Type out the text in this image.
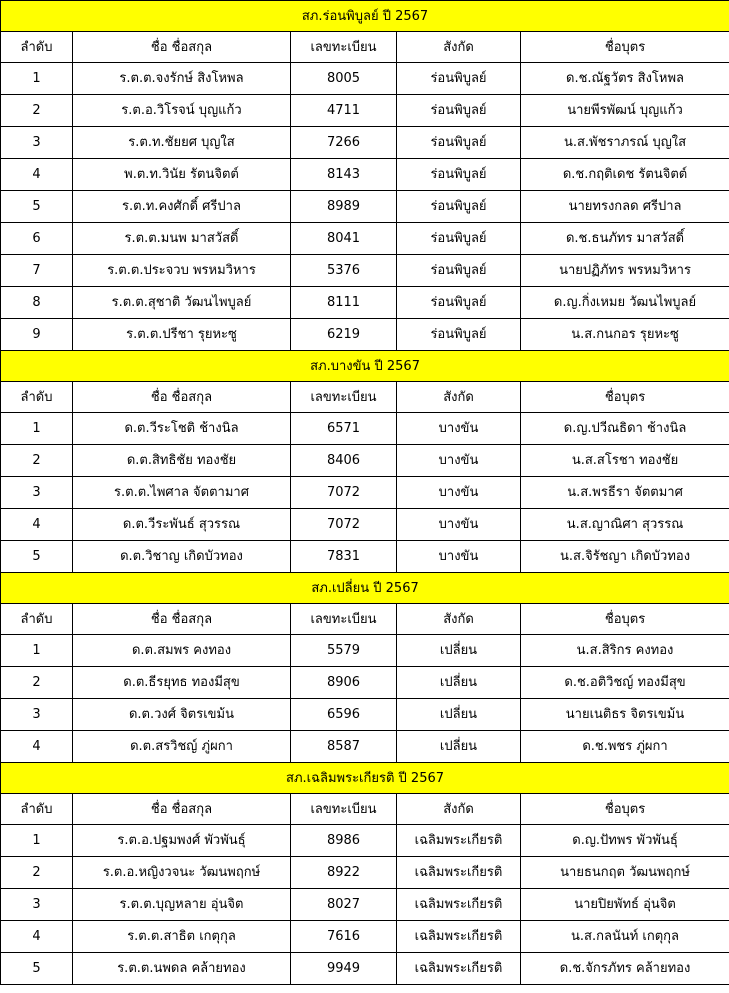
สภ.ร่อนพิบูลย์ ปี 2567				
ลำดับ	ชื่อ ชื่อสกุล	เลขทะเบียน	สังกัด	ชื่อบุตร
1	ร.ต.ต.จงรักษ์ สิงโหพล	8005	ร่อนพิบูลย์	ด.ช.ณัฐวัตร สิงโหพล
2	ร.ต.อ.วิโรจน์ บุญแก้ว	4711	ร่อนพิบูลย์	นายพีรพัฒน์ บุญแก้ว
3	ร.ต.ท.ชัยยศ บุญใส	7266	ร่อนพิบูลย์	น.ส.พัชราภรณ์ บุญใส
4	พ.ต.ท.วินัย รัตนจิตต์	8143	ร่อนพิบูลย์	ด.ช.กฤติเดช รัตนจิตต์
5	ร.ต.ท.คงศักดิ์ ศรีปาล	8989	ร่อนพิบูลย์	นายทรงกลด ศรีปาล
6	ร.ต.ต.มนพ มาสวัสดิ์	8041	ร่อนพิบูลย์	ด.ช.ธนภัทร มาสวัสดิ์
7	ร.ต.ต.ประจวบ พรหมวิหาร	5376	ร่อนพิบูลย์	นายปฏิภัทร พรหมวิหาร
8	ร.ต.ต.สุชาติ วัฒนไพบูลย์	8111	ร่อนพิบูลย์	ด.ญ.กิ่งเหมย วัฒนไพบูลย์
9	ร.ต.ต.ปรีชา รุยหะซู	6219	ร่อนพิบูลย์	น.ส.กนกอร รุยหะซู
สภ.บางขัน ปี 2567				
ลำดับ	ชื่อ ชื่อสกุล	เลขทะเบียน	สังกัด	ชื่อบุตร
1	ด.ต.วีระโชติ ช้างนิล	6571	บางขัน	ด.ญ.ปวีณธิดา ช้างนิล
2	ด.ต.สิทธิชัย ทองชัย	8406	บางขัน	น.ส.สโรชา ทองชัย
3	ร.ต.ต.ไพศาล จัตตามาศ	7072	บางขัน	น.ส.พรธีรา จัตตมาศ
4	ด.ต.วีระพันธ์ สุวรรณ	7072	บางขัน	น.ส.ญาณิศา สุวรรณ
5	ด.ต.วิชาญ เกิดบัวทอง	7831	บางขัน	น.ส.จิรัชญา เกิดบัวทอง
สภ.เปลี่ยน ปี 2567				
ลำดับ	ชื่อ ชื่อสกุล	เลขทะเบียน	สังกัด	ชื่อบุตร
1	ด.ต.สมพร คงทอง	5579	เปลี่ยน	น.ส.สิริกร คงทอง
2	ด.ต.ธีรยุทธ ทองมีสุข	8906	เปลี่ยน	ด.ช.อติวิชญ์ ทองมีสุข
3	ด.ต.วงศ์ จิตรเขม้น	6596	เปลี่ยน	นายเนติธร จิตรเขม้น
4	ด.ต.สรวิชญ์ ภู่ผกา	8587	เปลี่ยน	ด.ช.พชร ภู่ผกา
สภ.เฉลิมพระเกียรติ ปี 2567				
ลำดับ	ชื่อ ชื่อสกุล	เลขทะเบียน	สังกัด	ชื่อบุตร
1	ร.ต.อ.ปฐมพงศ์ พัวพันธุ์	8986	เฉลิมพระเกียรติ	ด.ญ.ปัทพร พัวพันธุ์
2	ร.ต.อ.หญิงวจนะ วัฒนพฤกษ์	8922	เฉลิมพระเกียรติ	นายธนกฤต วัฒนพฤกษ์
3	ร.ต.ต.บุญหลาย อุ่นจิต	8027	เฉลิมพระเกียรติ	นายปิยพัทธ์ อุ่นจิต
4	ร.ต.ต.สาธิต เกตุกุล	7616	เฉลิมพระเกียรติ	น.ส.กลนันท์ เกตุกุล
5	ร.ต.ต.นพดล คล้ายทอง	9949	เฉลิมพระเกียรติ	ด.ช.จักรภัทร คล้ายทอง
